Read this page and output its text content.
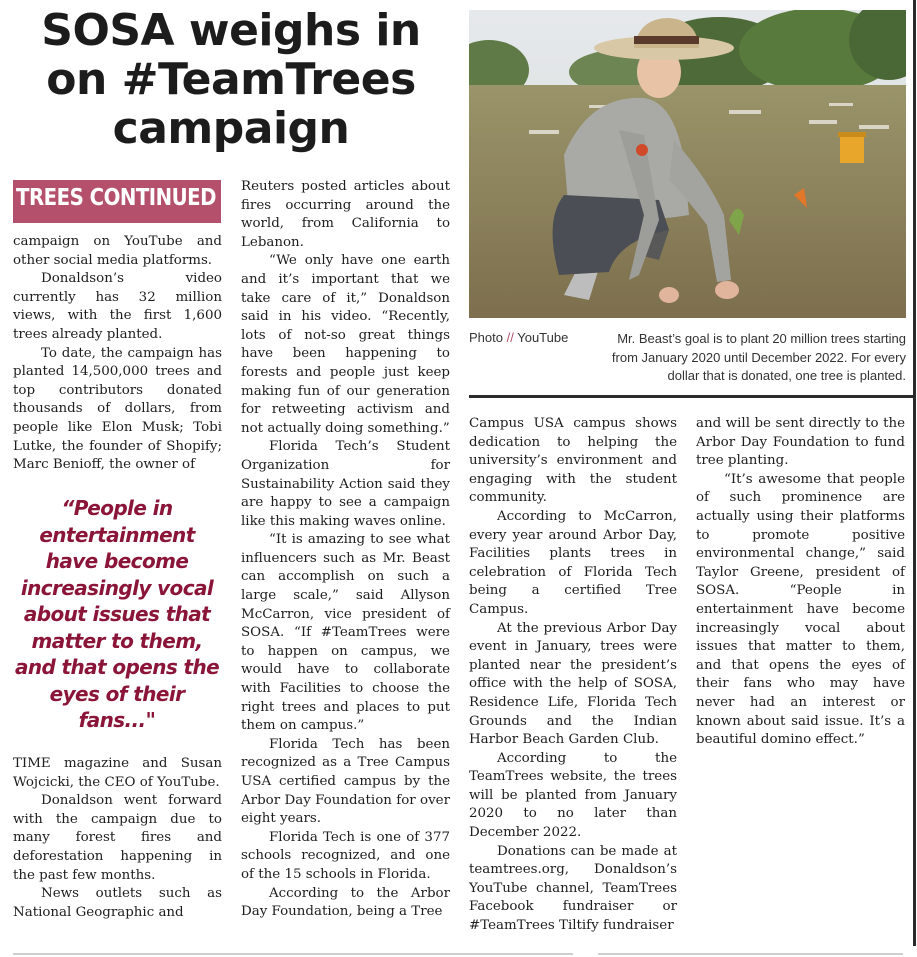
SOSA weighs in
on #TeamTrees
campaign
TREES CONTINUED

campaign on YouTube and other social media platforms.

Donaldson’s video currently has 32 million views, with the first 1,600 trees already planted.

To date, the campaign has planted 14,500,000 trees and top contributors donated thousands of dollars, from people like Elon Musk; Tobi Lutke, the founder of Shopify; Marc Benioff, the owner of

“People in entertainment have become increasingly vocal about issues that matter to them, and that opens the eyes of their fans..."

TIME magazine and Susan Wojcicki, the CEO of YouTube.

Donaldson went forward with the campaign due to many forest fires and deforestation happening in the past few months.

News outlets such as National Geographic and

Reuters posted articles about fires occurring around the world, from California to Lebanon.

“We only have one earth and it’s important that we take care of it,” Donaldson said in his video. “Recently, lots of not-so great things have been happening to forests and people just keep making fun of our generation for retweeting activism and not actually doing something.”

Florida Tech’s Student Organization for Sustainability Action said they are happy to see a campaign like this making waves online.

“It is amazing to see what influencers such as Mr. Beast can accomplish on such a large scale,” said Allyson McCarron, vice president of SOSA. “If #TeamTrees were to happen on campus, we would have to collaborate with Facilities to choose the right trees and places to put them on campus.”

Florida Tech has been recognized as a Tree Campus USA certified campus by the Arbor Day Foundation for over eight years.

Florida Tech is one of 377 schools recognized, and one of the 15 schools in Florida.

According to the Arbor Day Foundation, being a Tree

Photo // YouTube	Mr. Beast’s goal is to plant 20 million trees starting from January 2020 until December 2022. For every dollar that is donated, one tree is planted.

Campus USA campus shows dedication to helping the university’s environment and engaging with the student community.

According to McCarron, every year around Arbor Day, Facilities plants trees in celebration of Florida Tech being a certified Tree Campus.

At the previous Arbor Day event in January, trees were planted near the president’s office with the help of SOSA, Residence Life, Florida Tech Grounds and the Indian Harbor Beach Garden Club.

According to the TeamTrees website, the trees will be planted from January 2020 to no later than December 2022.

Donations can be made at teamtrees.org, Donaldson’s YouTube channel, TeamTrees Facebook fundraiser or #TeamTrees Tiltify fundraiser

and will be sent directly to the Arbor Day Foundation to fund tree planting.

“It’s awesome that people of such prominence are actually using their platforms to promote positive environmental change,” said Taylor Greene, president of SOSA. “People in entertainment have become increasingly vocal about issues that matter to them, and that opens the eyes of their fans who may have never had an interest or known about said issue. It’s a beautiful domino effect.”
